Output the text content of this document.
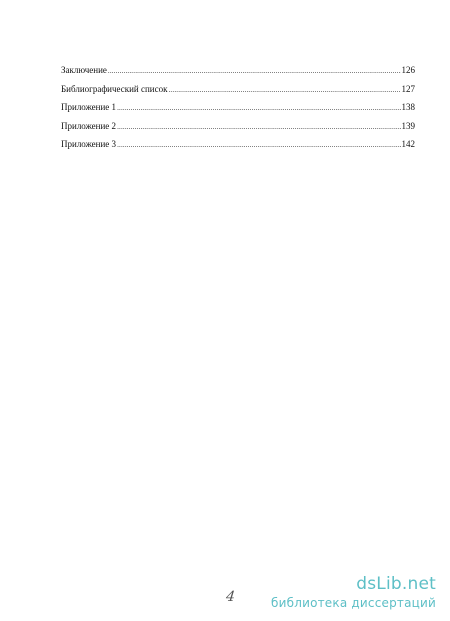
Заключение .....	126
Библиографический список .....	127
Приложение 1 .....	138
Приложение 2 .....	139
Приложение 3 .....	142
4
dsLib.net
библиотека диссертаций
